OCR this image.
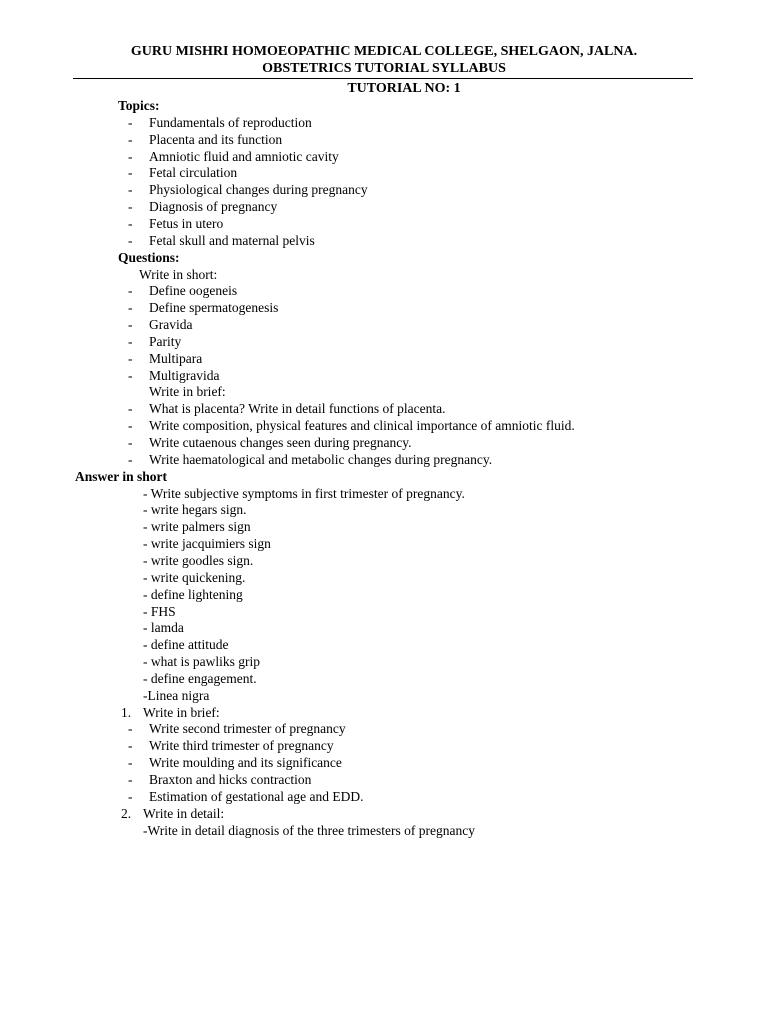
GURU MISHRI HOMOEOPATHIC MEDICAL COLLEGE, SHELGAON, JALNA.
OBSTETRICS TUTORIAL SYLLABUS
TUTORIAL NO: 1
Topics:
- Fundamentals of reproduction
- Placenta and its function
- Amniotic fluid and amniotic cavity
- Fetal circulation
- Physiological changes during pregnancy
- Diagnosis of pregnancy
- Fetus in utero
- Fetal skull and maternal pelvis
Questions:
Write in short:
- Define oogeneis
- Define spermatogenesis
- Gravida
- Parity
- Multipara
- Multigravida
Write in brief:
- What is placenta? Write in detail functions of placenta.
- Write composition, physical features and clinical importance of amniotic fluid.
- Write cutaenous changes seen during pregnancy.
- Write haematological and metabolic changes during pregnancy.
Answer in short
- Write subjective symptoms in first trimester of pregnancy.
- write hegars sign.
- write palmers sign
- write jacquimiers sign
- write goodles sign.
- write quickening.
- define lightening
- FHS
- lamda
- define attitude
- what is pawliks grip
- define engagement.
-Linea nigra
1. Write in brief:
- Write second trimester of pregnancy
- Write third trimester of pregnancy
- Write moulding and its significance
- Braxton and hicks contraction
- Estimation of gestational age and EDD.
2. Write in detail:
-Write in detail diagnosis of the three trimesters of pregnancy
